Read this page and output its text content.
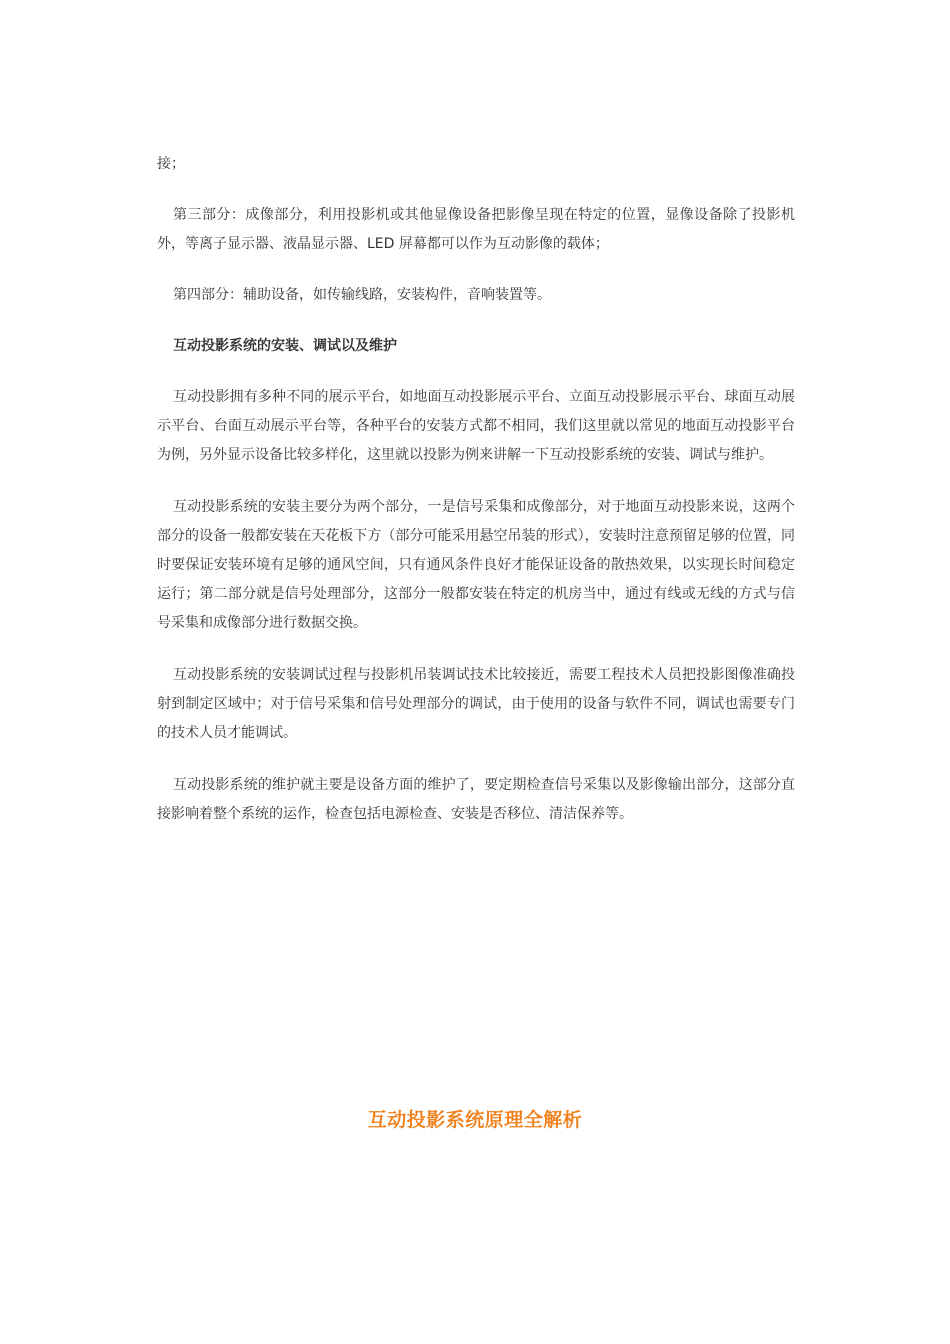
接；

第三部分：成像部分，利用投影机或其他显像设备把影像呈现在特定的位置，显像设备除了投影机外，等离子显示器、液晶显示器、LED 屏幕都可以作为互动影像的载体；

第四部分：辅助设备，如传输线路，安装构件，音响装置等。

互动投影系统的安装、调试以及维护

互动投影拥有多种不同的展示平台，如地面互动投影展示平台、立面互动投影展示平台、球面互动展示平台、台面互动展示平台等，各种平台的安装方式都不相同，我们这里就以常见的地面互动投影平台为例，另外显示设备比较多样化，这里就以投影为例来讲解一下互动投影系统的安装、调试与维护。

互动投影系统的安装主要分为两个部分，一是信号采集和成像部分，对于地面互动投影来说，这两个部分的设备一般都安装在天花板下方（部分可能采用悬空吊装的形式），安装时注意预留足够的位置，同时要保证安装环境有足够的通风空间，只有通风条件良好才能保证设备的散热效果，以实现长时间稳定运行；第二部分就是信号处理部分，这部分一般都安装在特定的机房当中，通过有线或无线的方式与信号采集和成像部分进行数据交换。

互动投影系统的安装调试过程与投影机吊装调试技术比较接近，需要工程技术人员把投影图像准确投射到制定区域中；对于信号采集和信号处理部分的调试，由于使用的设备与软件不同，调试也需要专门的技术人员才能调试。

互动投影系统的维护就主要是设备方面的维护了，要定期检查信号采集以及影像输出部分，这部分直接影响着整个系统的运作，检查包括电源检查、安装是否移位、清洁保养等。

互动投影系统原理全解析
